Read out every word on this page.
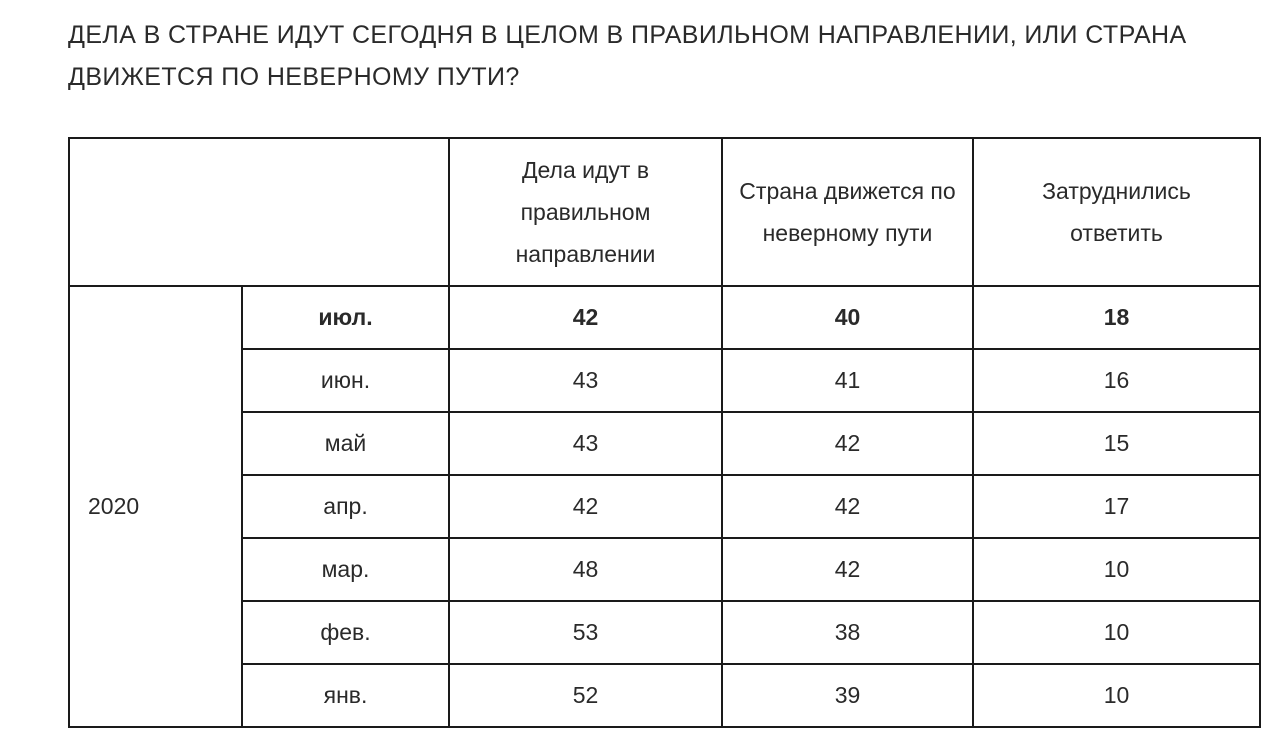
ДЕЛА В СТРАНЕ ИДУТ СЕГОДНЯ В ЦЕЛОМ В ПРАВИЛЬНОМ НАПРАВЛЕНИИ, ИЛИ СТРАНА ДВИЖЕТСЯ ПО НЕВЕРНОМУ ПУТИ?
		Дела идут в правильном направлении	Страна движется по неверному пути	Затруднились ответить
2020	июл.	42	40	18
	июн.	43	41	16
	май	43	42	15
	апр.	42	42	17
	мар.	48	42	10
	фев.	53	38	10
	янв.	52	39	10
